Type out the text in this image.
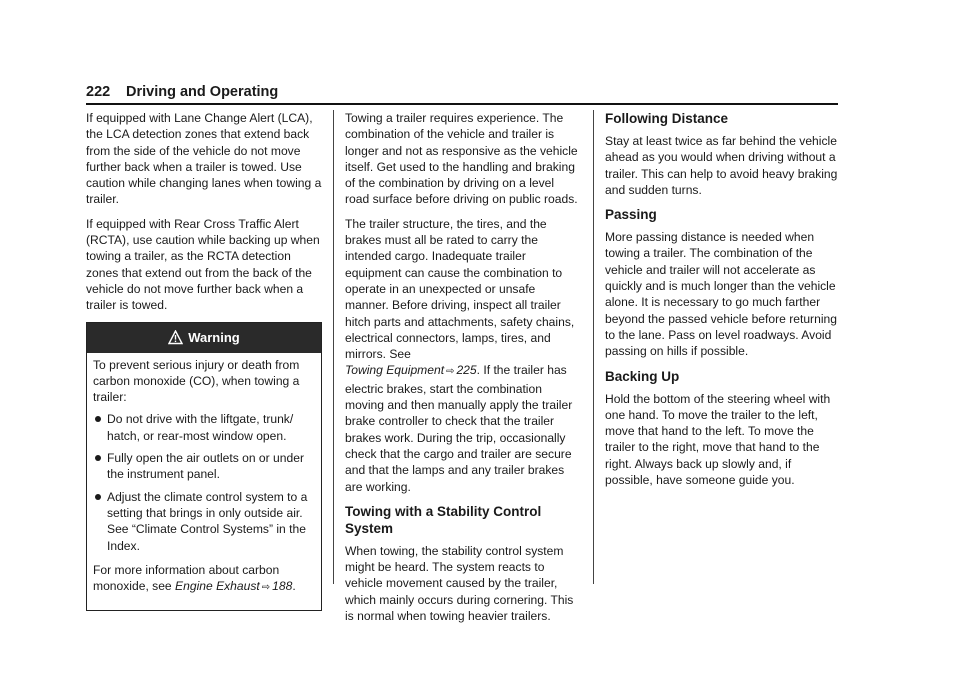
222 Driving and Operating

If equipped with Lane Change Alert (LCA), the LCA detection zones that extend back from the side of the vehicle do not move further back when a trailer is towed. Use caution while changing lanes when towing a trailer.

If equipped with Rear Cross Traffic Alert (RCTA), use caution while backing up when towing a trailer, as the RCTA detection zones that extend out from the back of the vehicle do not move further back when a trailer is towed.

Warning

To prevent serious injury or death from carbon monoxide (CO), when towing a trailer:

Do not drive with the liftgate, trunk/ hatch, or rear-most window open.
Fully open the air outlets on or under the instrument panel.
Adjust the climate control system to a setting that brings in only outside air. See “Climate Control Systems” in the Index.

For more information about carbon monoxide, see Engine Exhaust ⇨ 188.

Towing a trailer requires experience. The combination of the vehicle and trailer is longer and not as responsive as the vehicle itself. Get used to the handling and braking of the combination by driving on a level road surface before driving on public roads.

The trailer structure, the tires, and the brakes must all be rated to carry the intended cargo. Inadequate trailer equipment can cause the combination to operate in an unexpected or unsafe manner. Before driving, inspect all trailer hitch parts and attachments, safety chains, electrical connectors, lamps, tires, and mirrors. See
Towing Equipment ⇨ 225. If the trailer has electric brakes, start the combination moving and then manually apply the trailer brake controller to check that the trailer brakes work. During the trip, occasionally check that the cargo and trailer are secure and that the lamps and any trailer brakes are working.

Towing with a Stability Control System

When towing, the stability control system might be heard. The system reacts to vehicle movement caused by the trailer, which mainly occurs during cornering. This is normal when towing heavier trailers.

Following Distance

Stay at least twice as far behind the vehicle ahead as you would when driving without a trailer. This can help to avoid heavy braking and sudden turns.

Passing

More passing distance is needed when towing a trailer. The combination of the vehicle and trailer will not accelerate as quickly and is much longer than the vehicle alone. It is necessary to go much farther beyond the passed vehicle before returning to the lane. Pass on level roadways. Avoid passing on hills if possible.

Backing Up

Hold the bottom of the steering wheel with one hand. To move the trailer to the left, move that hand to the left. To move the trailer to the right, move that hand to the right. Always back up slowly and, if possible, have someone guide you.
